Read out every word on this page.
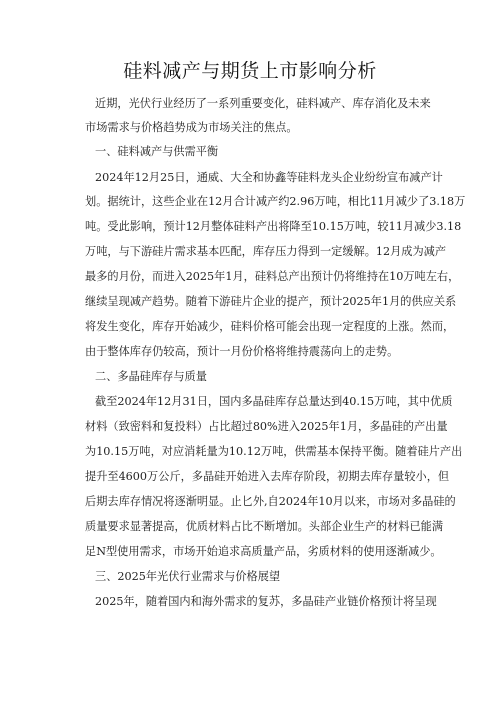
硅料减产与期货上市影响分析
近期，光伏行业经历了一系列重要变化，硅料减产、库存消化及未来
市场需求与价格趋势成为市场关注的焦点。
一、硅料减产与供需平衡
2024年12月25日，通威、大全和协鑫等硅料龙头企业纷纷宣布减产计
划。据统计，这些企业在12月合计减产约2.96万吨，相比11月减少了3.18万
吨。受此影响，预计12月整体硅料产出将降至10.15万吨，较11月减少3.18
万吨，与下游硅片需求基本匹配，库存压力得到一定缓解。12月成为减产
最多的月份，而进入2025年1月，硅料总产出预计仍将维持在10万吨左右，
继续呈现减产趋势。随着下游硅片企业的提产，预计2025年1月的供应关系
将发生变化，库存开始减少，硅料价格可能会出现一定程度的上涨。然而，
由于整体库存仍较高，预计一月份价格将维持震荡向上的走势。
二、多晶硅库存与质量
截至2024年12月31日，国内多晶硅库存总量达到40.15万吨，其中优质
材料（致密料和复投料）占比超过80%进入2025年1月，多晶硅的产出量
为10.15万吨，对应消耗量为10.12万吨，供需基本保持平衡。随着硅片产出
提升至4600万公斤，多晶硅开始进入去库存阶段，初期去库存量较小，但
后期去库存情况将逐渐明显。止匕外,自2024年10月以来，市场对多晶硅的
质量要求显著提高，优质材料占比不断增加。头部企业生产的材料已能满
足N型使用需求，市场开始追求高质量产品，劣质材料的使用逐渐减少。
三、2025年光伏行业需求与价格展望
2025年，随着国内和海外需求的复苏，多晶硅产业链价格预计将呈现
